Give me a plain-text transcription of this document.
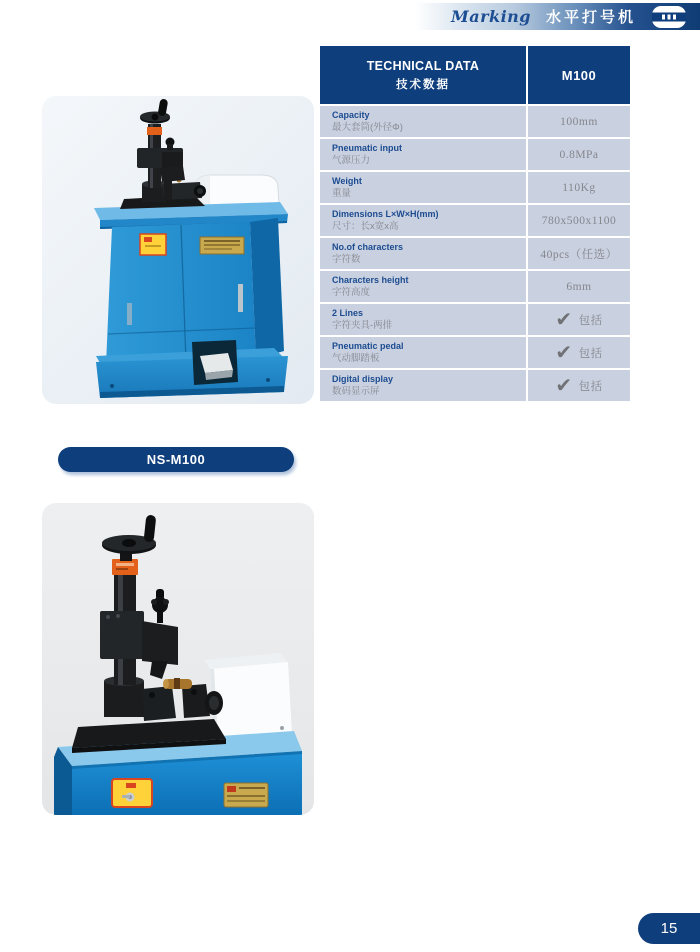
Marking 水平打号机
TECHNICAL DATA
技术数据
M100
Capacity
最大套筒(外径Φ)	100mm
Pneumatic input
气源压力	0.8MPa
Weight
重量	110Kg
Dimensions L×W×H(mm)
尺寸：长x宽x高	780x500x1100
No.of characters
字符数	40pcs（任选）
Characters height
字符高度	6mm
2 Lines
字符夹具-两排	✔ 包括
Pneumatic pedal
气动脚踏板	✔ 包括
Digital display
数码显示屏	✔ 包括
NS-M100
15
